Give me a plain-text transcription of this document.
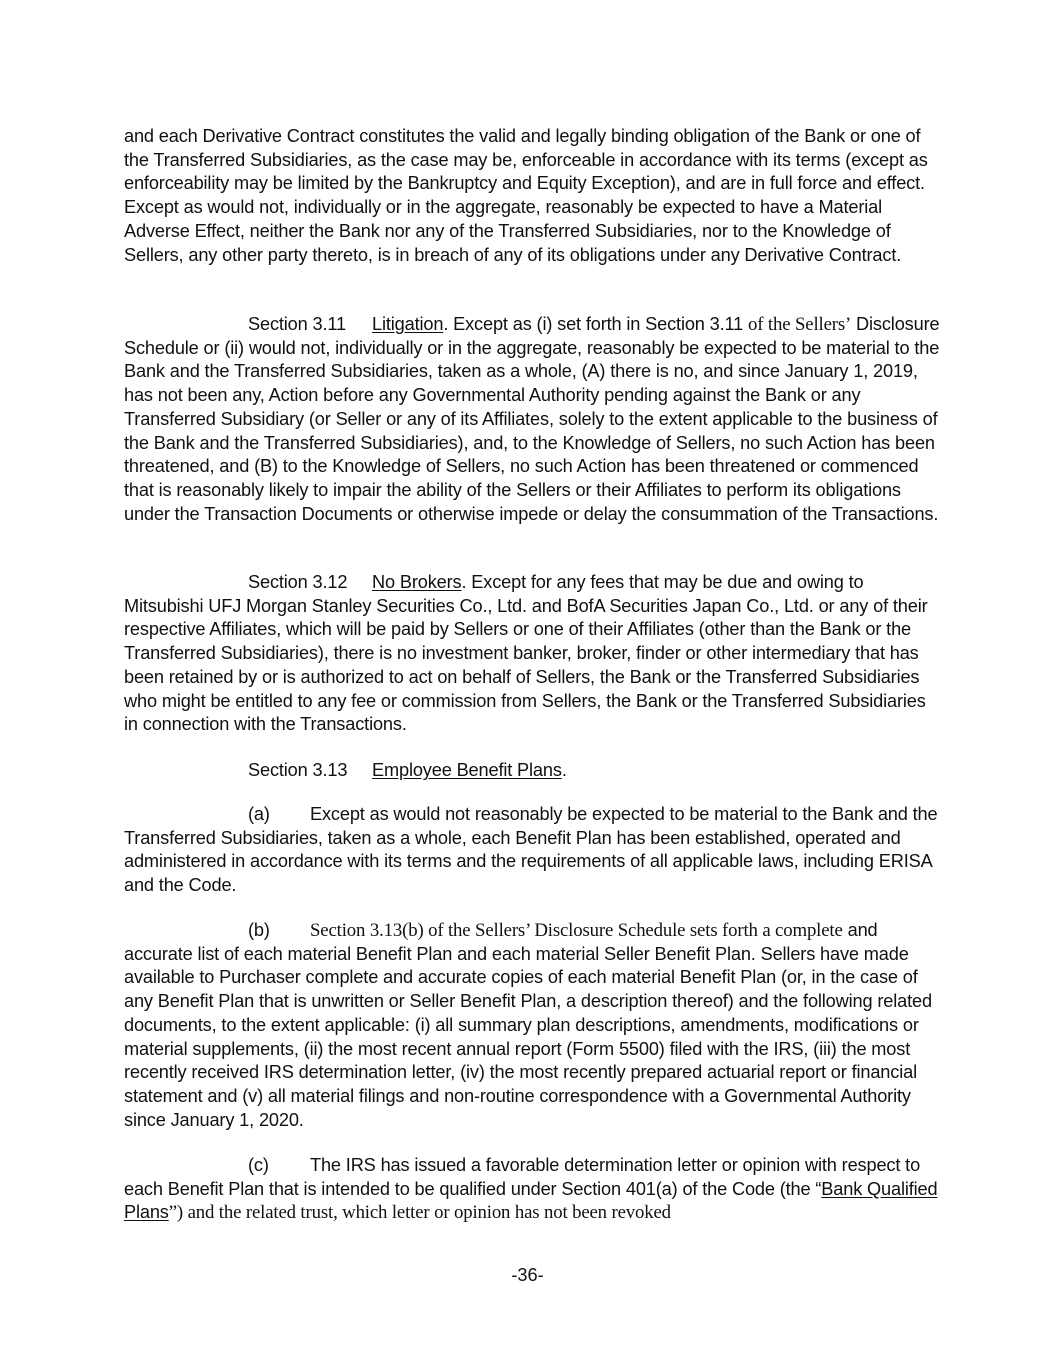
and each Derivative Contract constitutes the valid and legally binding obligation of the Bank or one of the Transferred Subsidiaries, as the case may be, enforceable in accordance with its terms (except as enforceability may be limited by the Bankruptcy and Equity Exception), and are in full force and effect. Except as would not, individually or in the aggregate, reasonably be expected to have a Material Adverse Effect, neither the Bank nor any of the Transferred Subsidiaries, nor to the Knowledge of Sellers, any other party thereto, is in breach of any of its obligations under any Derivative Contract.

Section 3.11 Litigation. Except as (i) set forth in Section 3.11 of the Sellers’ Disclosure Schedule or (ii) would not, individually or in the aggregate, reasonably be expected to be material to the Bank and the Transferred Subsidiaries, taken as a whole, (A) there is no, and since January 1, 2019, has not been any, Action before any Governmental Authority pending against the Bank or any Transferred Subsidiary (or Seller or any of its Affiliates, solely to the extent applicable to the business of the Bank and the Transferred Subsidiaries), and, to the Knowledge of Sellers, no such Action has been threatened, and (B) to the Knowledge of Sellers, no such Action has been threatened or commenced that is reasonably likely to impair the ability of the Sellers or their Affiliates to perform its obligations under the Transaction Documents or otherwise impede or delay the consummation of the Transactions.

Section 3.12 No Brokers. Except for any fees that may be due and owing to Mitsubishi UFJ Morgan Stanley Securities Co., Ltd. and BofA Securities Japan Co., Ltd. or any of their respective Affiliates, which will be paid by Sellers or one of their Affiliates (other than the Bank or the Transferred Subsidiaries), there is no investment banker, broker, finder or other intermediary that has been retained by or is authorized to act on behalf of Sellers, the Bank or the Transferred Subsidiaries who might be entitled to any fee or commission from Sellers, the Bank or the Transferred Subsidiaries in connection with the Transactions.

Section 3.13 Employee Benefit Plans.

(a) Except as would not reasonably be expected to be material to the Bank and the Transferred Subsidiaries, taken as a whole, each Benefit Plan has been established, operated and administered in accordance with its terms and the requirements of all applicable laws, including ERISA and the Code.

(b) Section 3.13(b) of the Sellers’ Disclosure Schedule sets forth a complete and accurate list of each material Benefit Plan and each material Seller Benefit Plan. Sellers have made available to Purchaser complete and accurate copies of each material Benefit Plan (or, in the case of any Benefit Plan that is unwritten or Seller Benefit Plan, a description thereof) and the following related documents, to the extent applicable: (i) all summary plan descriptions, amendments, modifications or material supplements, (ii) the most recent annual report (Form 5500) filed with the IRS, (iii) the most recently received IRS determination letter, (iv) the most recently prepared actuarial report or financial statement and (v) all material filings and non-routine correspondence with a Governmental Authority since January 1, 2020.

(c) The IRS has issued a favorable determination letter or opinion with respect to each Benefit Plan that is intended to be qualified under Section 401(a) of the Code (the “Bank Qualified Plans”) and the related trust, which letter or opinion has not been revoked

-36-
